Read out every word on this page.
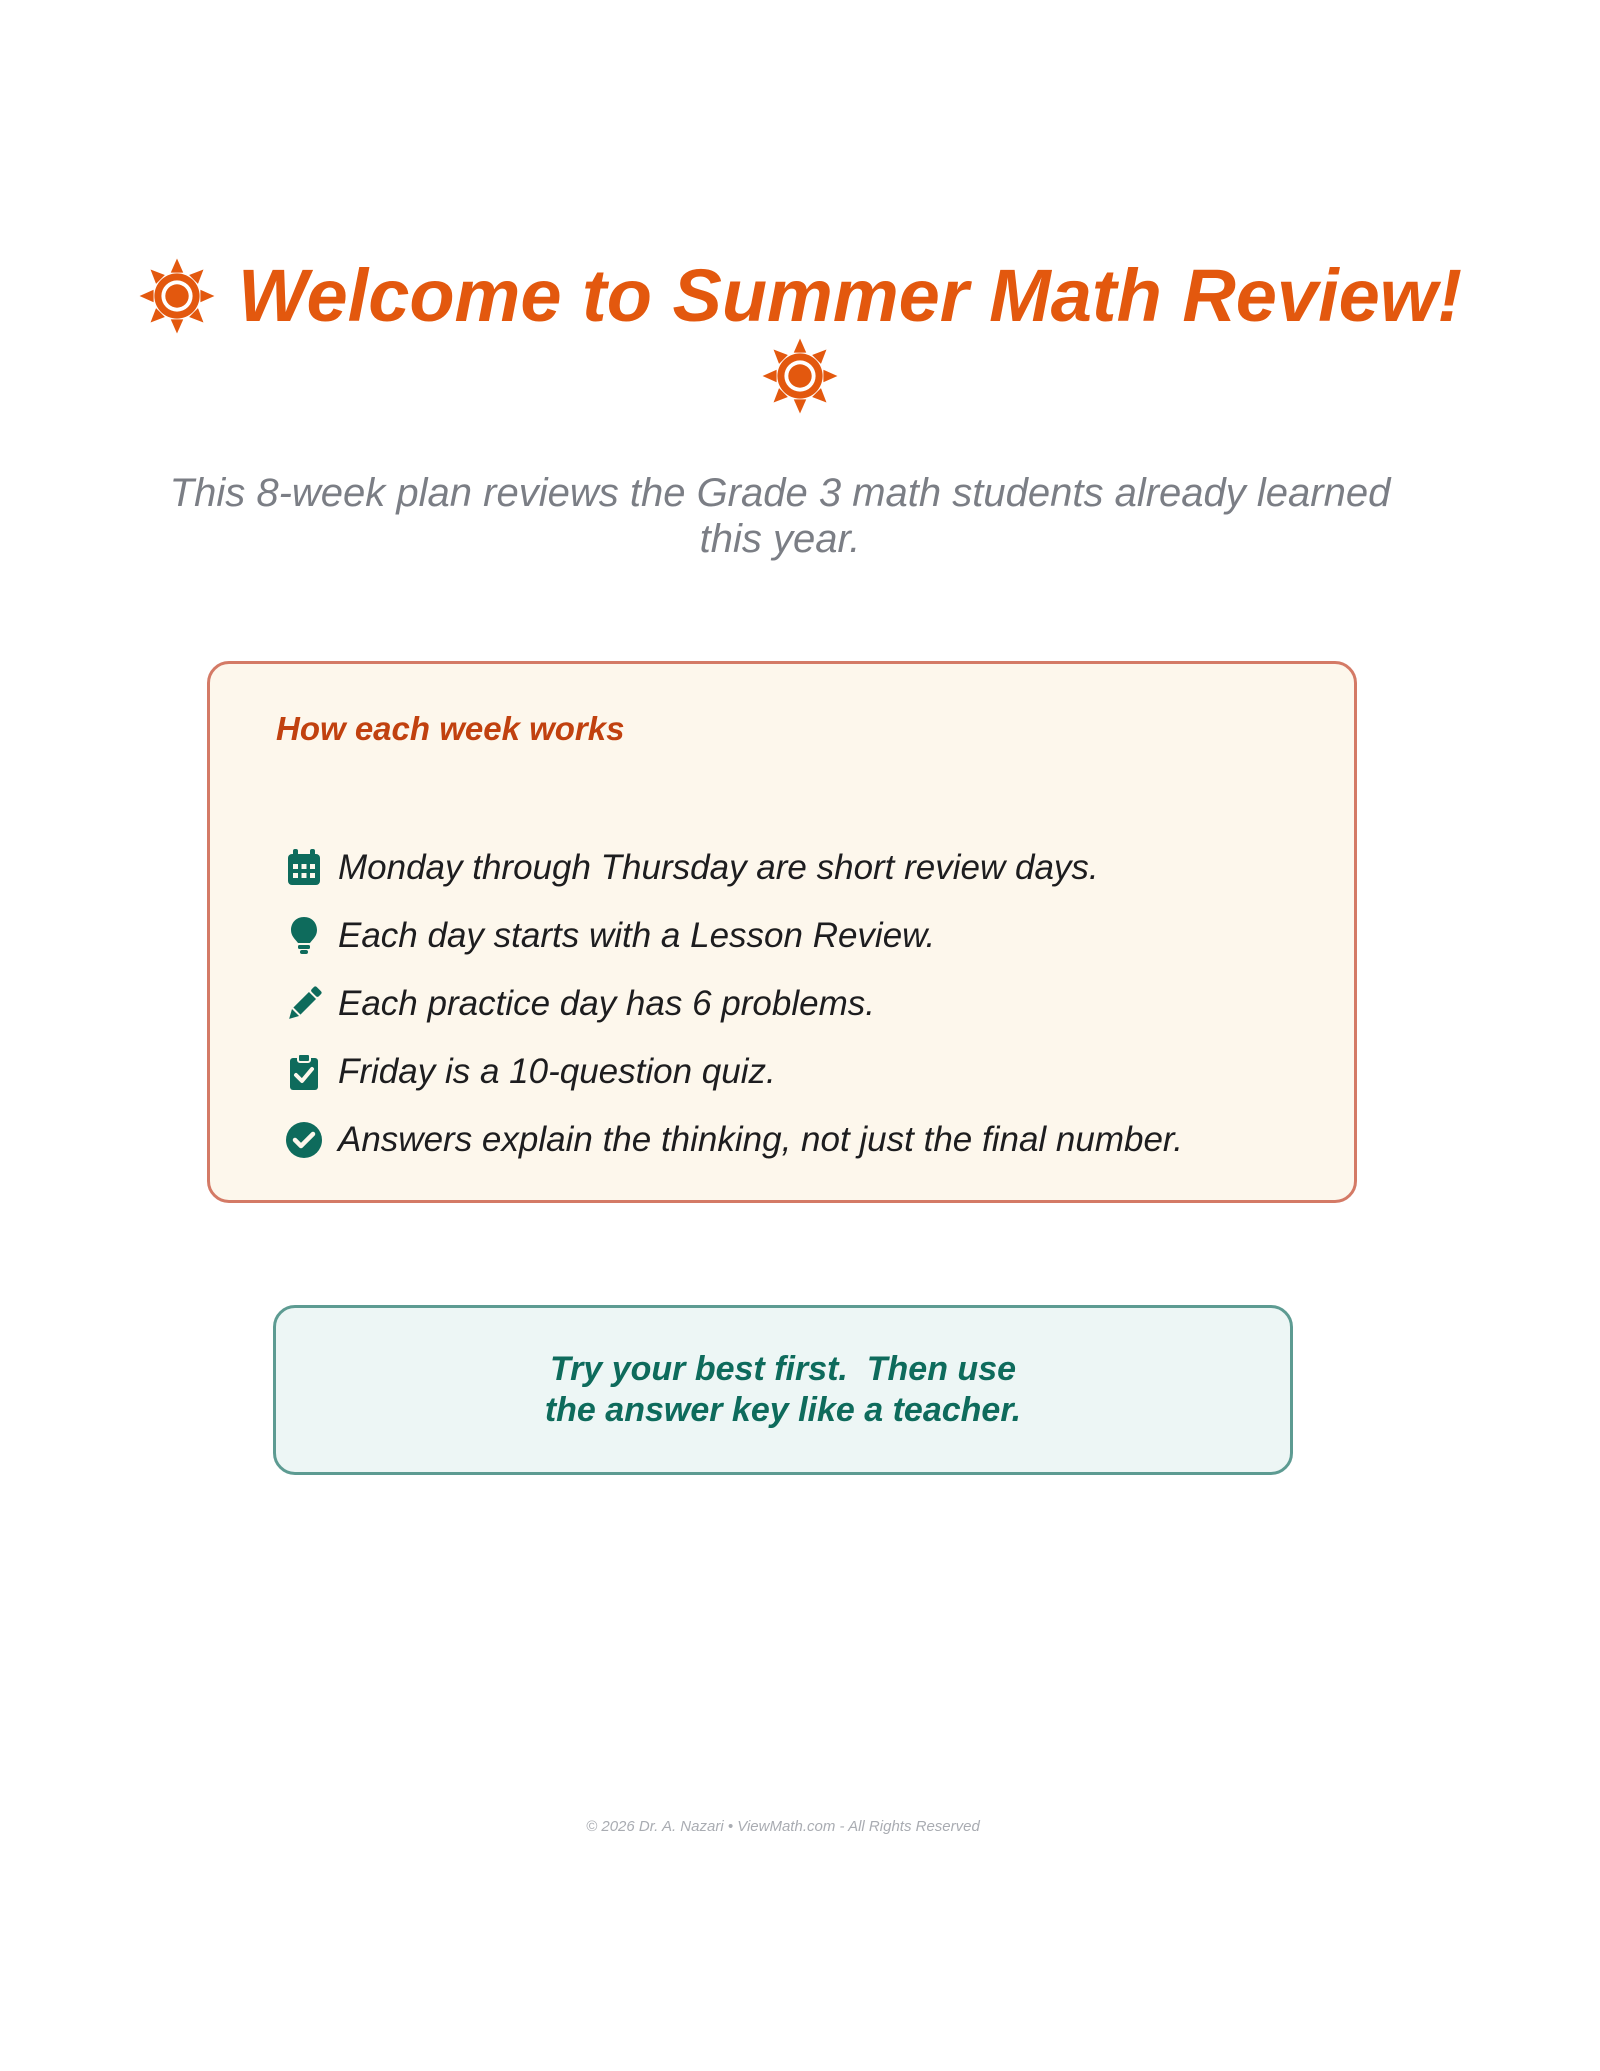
Welcome to Summer Math Review!
This 8-week plan reviews the Grade 3 math students already learned
this year.
How each week works
Monday through Thursday are short review days.
Each day starts with a Lesson Review.
Each practice day has 6 problems.
Friday is a 10-question quiz.
Answers explain the thinking, not just the final number.
Try your best first.  Then use
the answer key like a teacher.
© 2026 Dr. A. Nazari • ViewMath.com - All Rights Reserved
